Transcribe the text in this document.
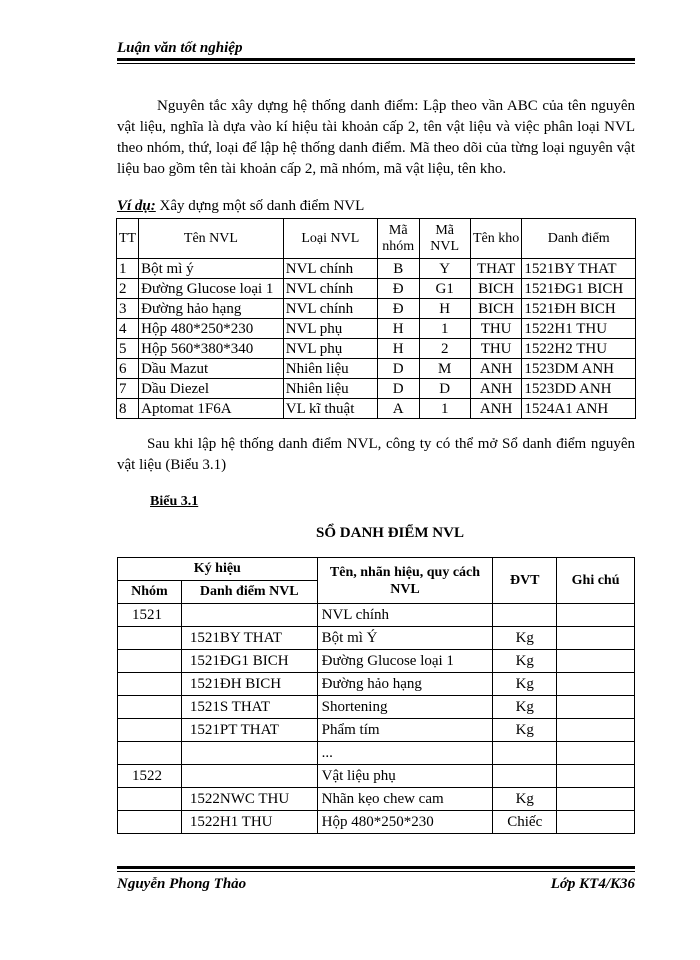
Luận văn tốt nghiệp
Nguyên tắc xây dựng hệ thống danh điểm: Lập theo vần ABC của tên nguyên vật liệu, nghĩa là dựa vào kí hiệu tài khoản cấp 2, tên vật liệu và việc phân loại NVL theo nhóm, thứ, loại để lập hệ thống danh điểm. Mã theo dõi của từng loại nguyên vật liệu bao gồm tên tài khoản cấp 2, mã nhóm, mã vật liệu, tên kho.
Ví dụ: Xây dựng một số danh điểm NVL
TT	Tên NVL	Loại NVL	Mã nhóm	Mã NVL	Tên kho	Danh điểm
1	Bột mì ý	NVL chính	B	Y	THAT	1521BY THAT
2	Đường Glucose loại 1	NVL chính	Đ	G1	BICH	1521ĐG1 BICH
3	Đường hảo hạng	NVL chính	Đ	H	BICH	1521ĐH BICH
4	Hộp 480*250*230	NVL phụ	H	1	THU	1522H1 THU
5	Hộp 560*380*340	NVL phụ	H	2	THU	1522H2 THU
6	Dầu Mazut	Nhiên liệu	D	M	ANH	1523DM ANH
7	Dầu Diezel	Nhiên liệu	D	D	ANH	1523DD ANH
8	Aptomat 1F6A	VL kĩ thuật	A	1	ANH	1524A1 ANH
Sau khi lập hệ thống danh điểm NVL, công ty có thể mở Sổ danh điểm nguyên vật liệu (Biểu 3.1)
Biểu 3.1
SỔ DANH ĐIỂM NVL
Ký hiệu		Tên, nhãn hiệu, quy cách NVL	ĐVT	Ghi chú
Nhóm	Danh điểm NVL			
1521		NVL chính		
	1521BY THAT	Bột mì Ý	Kg	
	1521ĐG1 BICH	Đường Glucose loại 1	Kg	
	1521ĐH BICH	Đường hảo hạng	Kg	
	1521S THAT	Shortening	Kg	
	1521PT THAT	Phẩm tím	Kg	
		...		
1522		Vật liệu phụ		
	1522NWC THU	Nhãn kẹo chew cam	Kg	
	1522H1 THU	Hộp 480*250*230	Chiếc	
Nguyễn Phong Thảo	Lớp KT4/K36
